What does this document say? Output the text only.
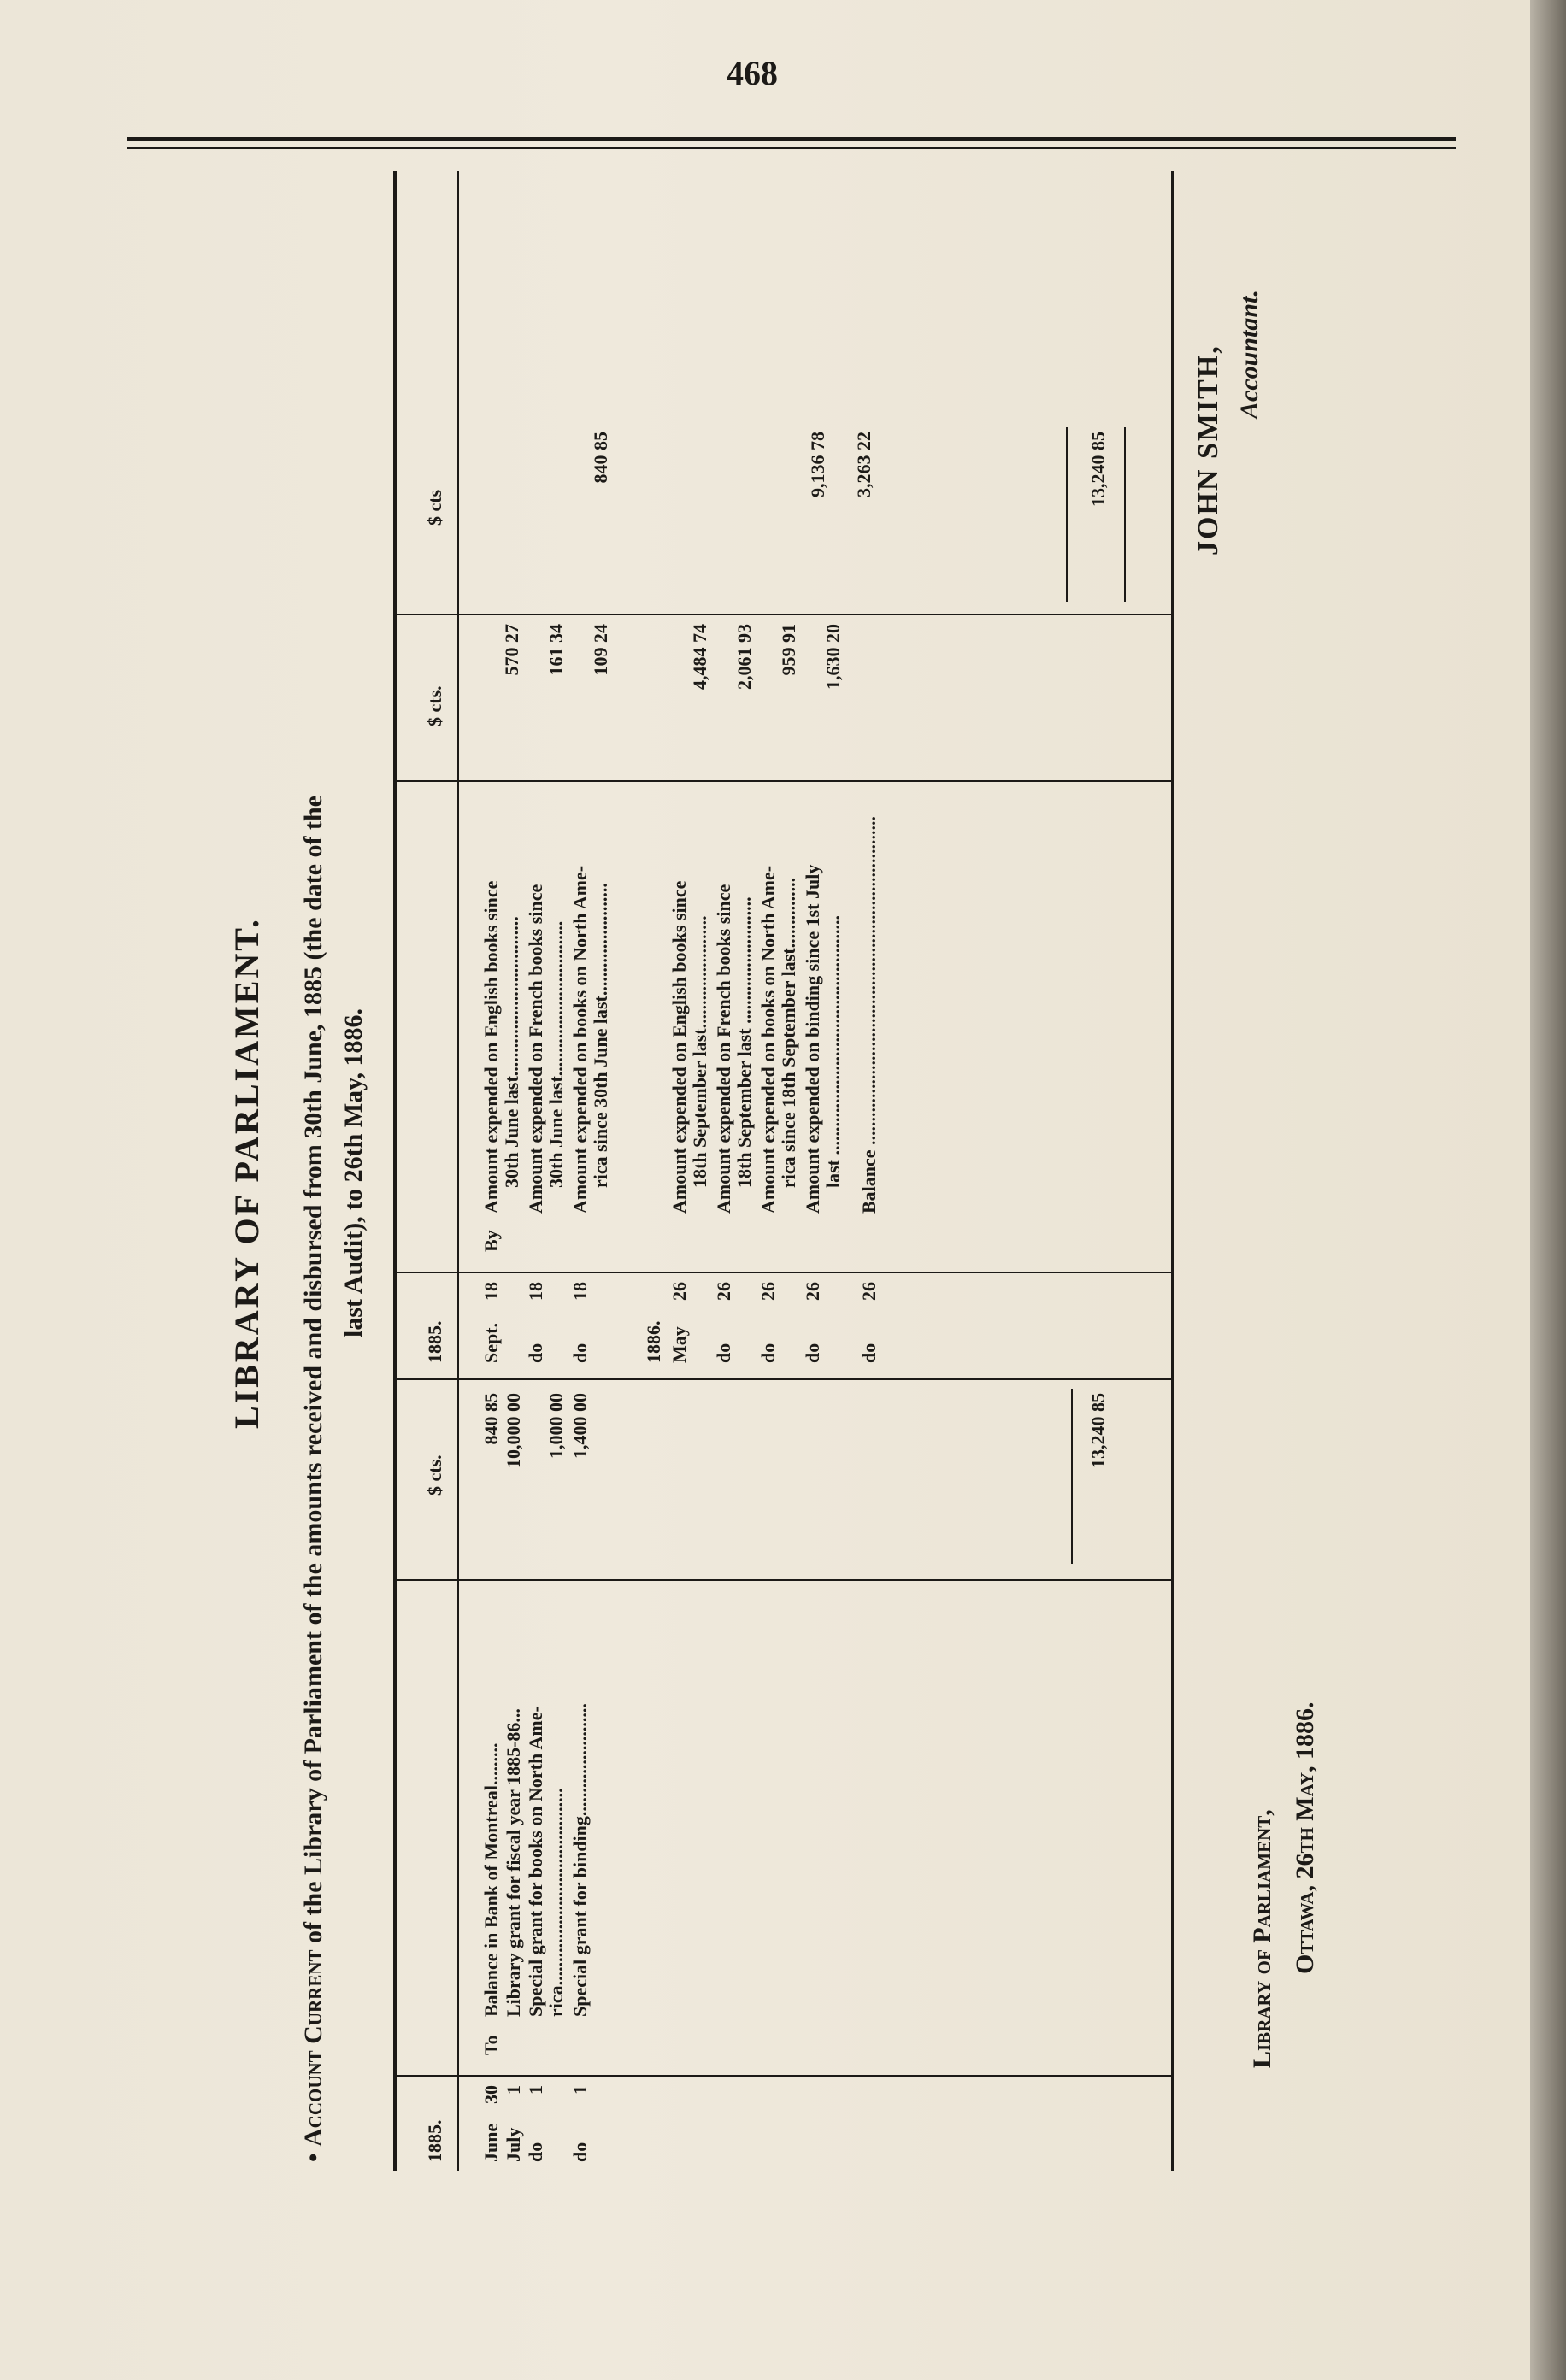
468
LIBRARY OF PARLIAMENT.
• Account Current of the Library of Parliament of the amounts received and disbursed from 30th June, 1885 (the date of the last Audit), to 26th May, 1886.
1885.
$ cts.
1885.
$ cts.
$ cts
June
30
To
Balance in Bank of Montreal.........
840 85
July
1
Library grant for fiscal year 1885-86...
10,000 00
do
1
Special grant for books on North Ame- rica..........................................
1,000 00
do
1
Special grant for binding........................
1,400 00	13,240 85
Sept.
18
By
Amount expended on English books since 30th June last..................................
570 27
do
18
Amount expended on French books since 30th June last.................................
161 34
do
18
Amount expended on books on North Ame- rica since 30th June last........................
109 24
840 85
May
26
Amount expended on English books since 18th September last........................
4,484 74
do
26
Amount expended on French books since 18th September last ...........................
2,061 93
do
26
Amount expended on books on North Ame- rica since 18th September last...............
959 91
do
26
Amount expended on binding since 1st July last ...................................................
1,630 20
9,136 78
do
26
Balance ......................................................................
3,263 22
1886.
13,240 85
Library of Parliament, Ottawa, 26th May, 1886.
JOHN SMITH, Accountant.
